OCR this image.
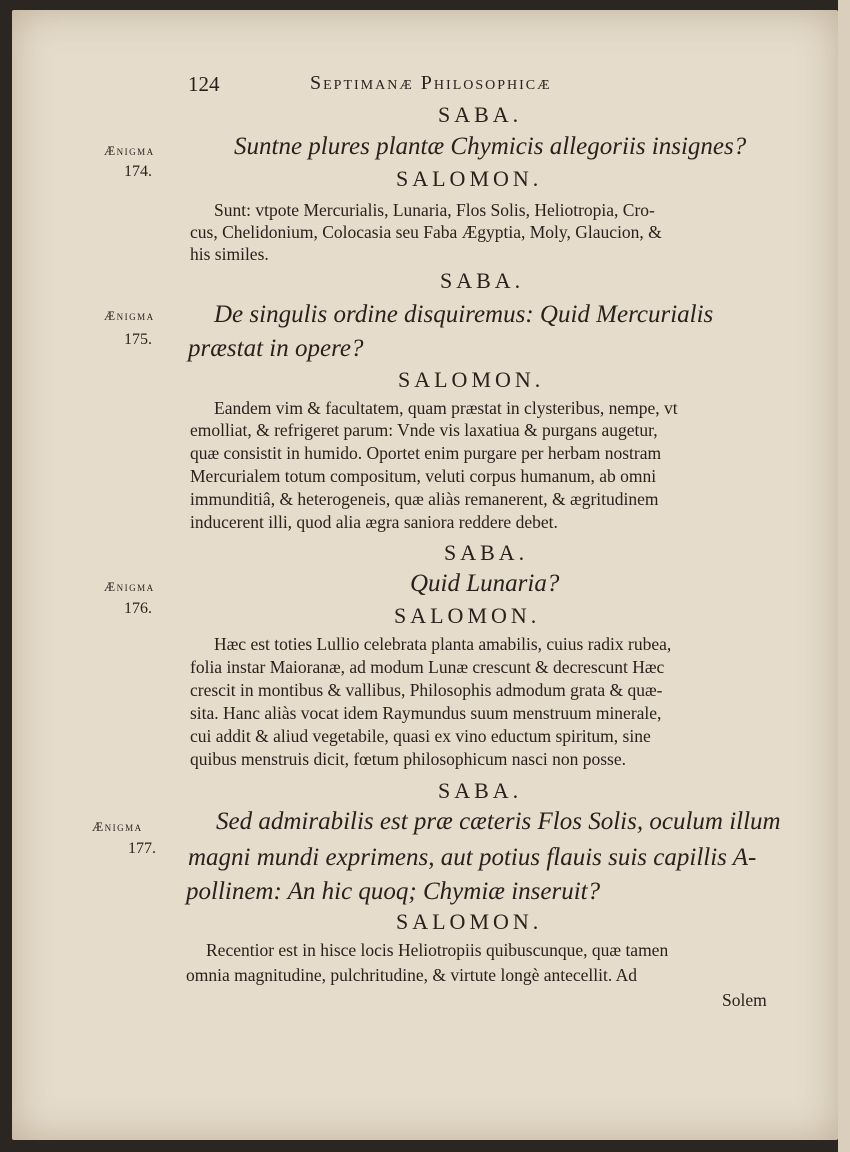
124	Septimanæ Philosophicæ
SABA.
Ænigma
174.
Suntne plures plantæ Chymicis allegoriis insignes?
SALOMON.
Sunt: vtpote Mercurialis, Lunaria, Flos Solis, Heliotropia, Cro-
cus, Chelidonium, Colocasia seu Faba Ægyptia, Moly, Glaucion, &
his similes.
SABA.
Ænigma
175.
De singulis ordine disquiremus: Quid Mercurialis
præstat in opere?
SALOMON.
Eandem vim & facultatem, quam præstat in clysteribus, nempe, vt
emolliat, & refrigeret parum: Vnde vis laxatiua & purgans augetur,
quæ consistit in humido. Oportet enim purgare per herbam nostram
Mercurialem totum compositum, veluti corpus humanum, ab omni
immunditiâ, & heterogeneis, quæ aliàs remanerent, & ægritudinem
inducerent illi, quod alia ægra saniora reddere debet.
SABA.
Ænigma
176.
Quid Lunaria?
SALOMON.
Hæc est toties Lullio celebrata planta amabilis, cuius radix rubea,
folia instar Maioranæ, ad modum Lunæ crescunt & decrescunt Hæc
crescit in montibus & vallibus, Philosophis admodum grata & quæ-
sita. Hanc aliàs vocat idem Raymundus suum menstruum minerale,
cui addit & aliud vegetabile, quasi ex vino eductum spiritum, sine
quibus menstruis dicit, fœtum philosophicum nasci non posse.
SABA.
Ænigma
177.
Sed admirabilis est præ cæteris Flos Solis, oculum illum
magni mundi exprimens, aut potius flauis suis capillis A-
pollinem: An hic quoq; Chymiæ inseruit?
SALOMON.
Recentior est in hisce locis Heliotropiis quibuscunque, quæ tamen
omnia magnitudine, pulchritudine, & virtute longè antecellit. Ad
Solem
